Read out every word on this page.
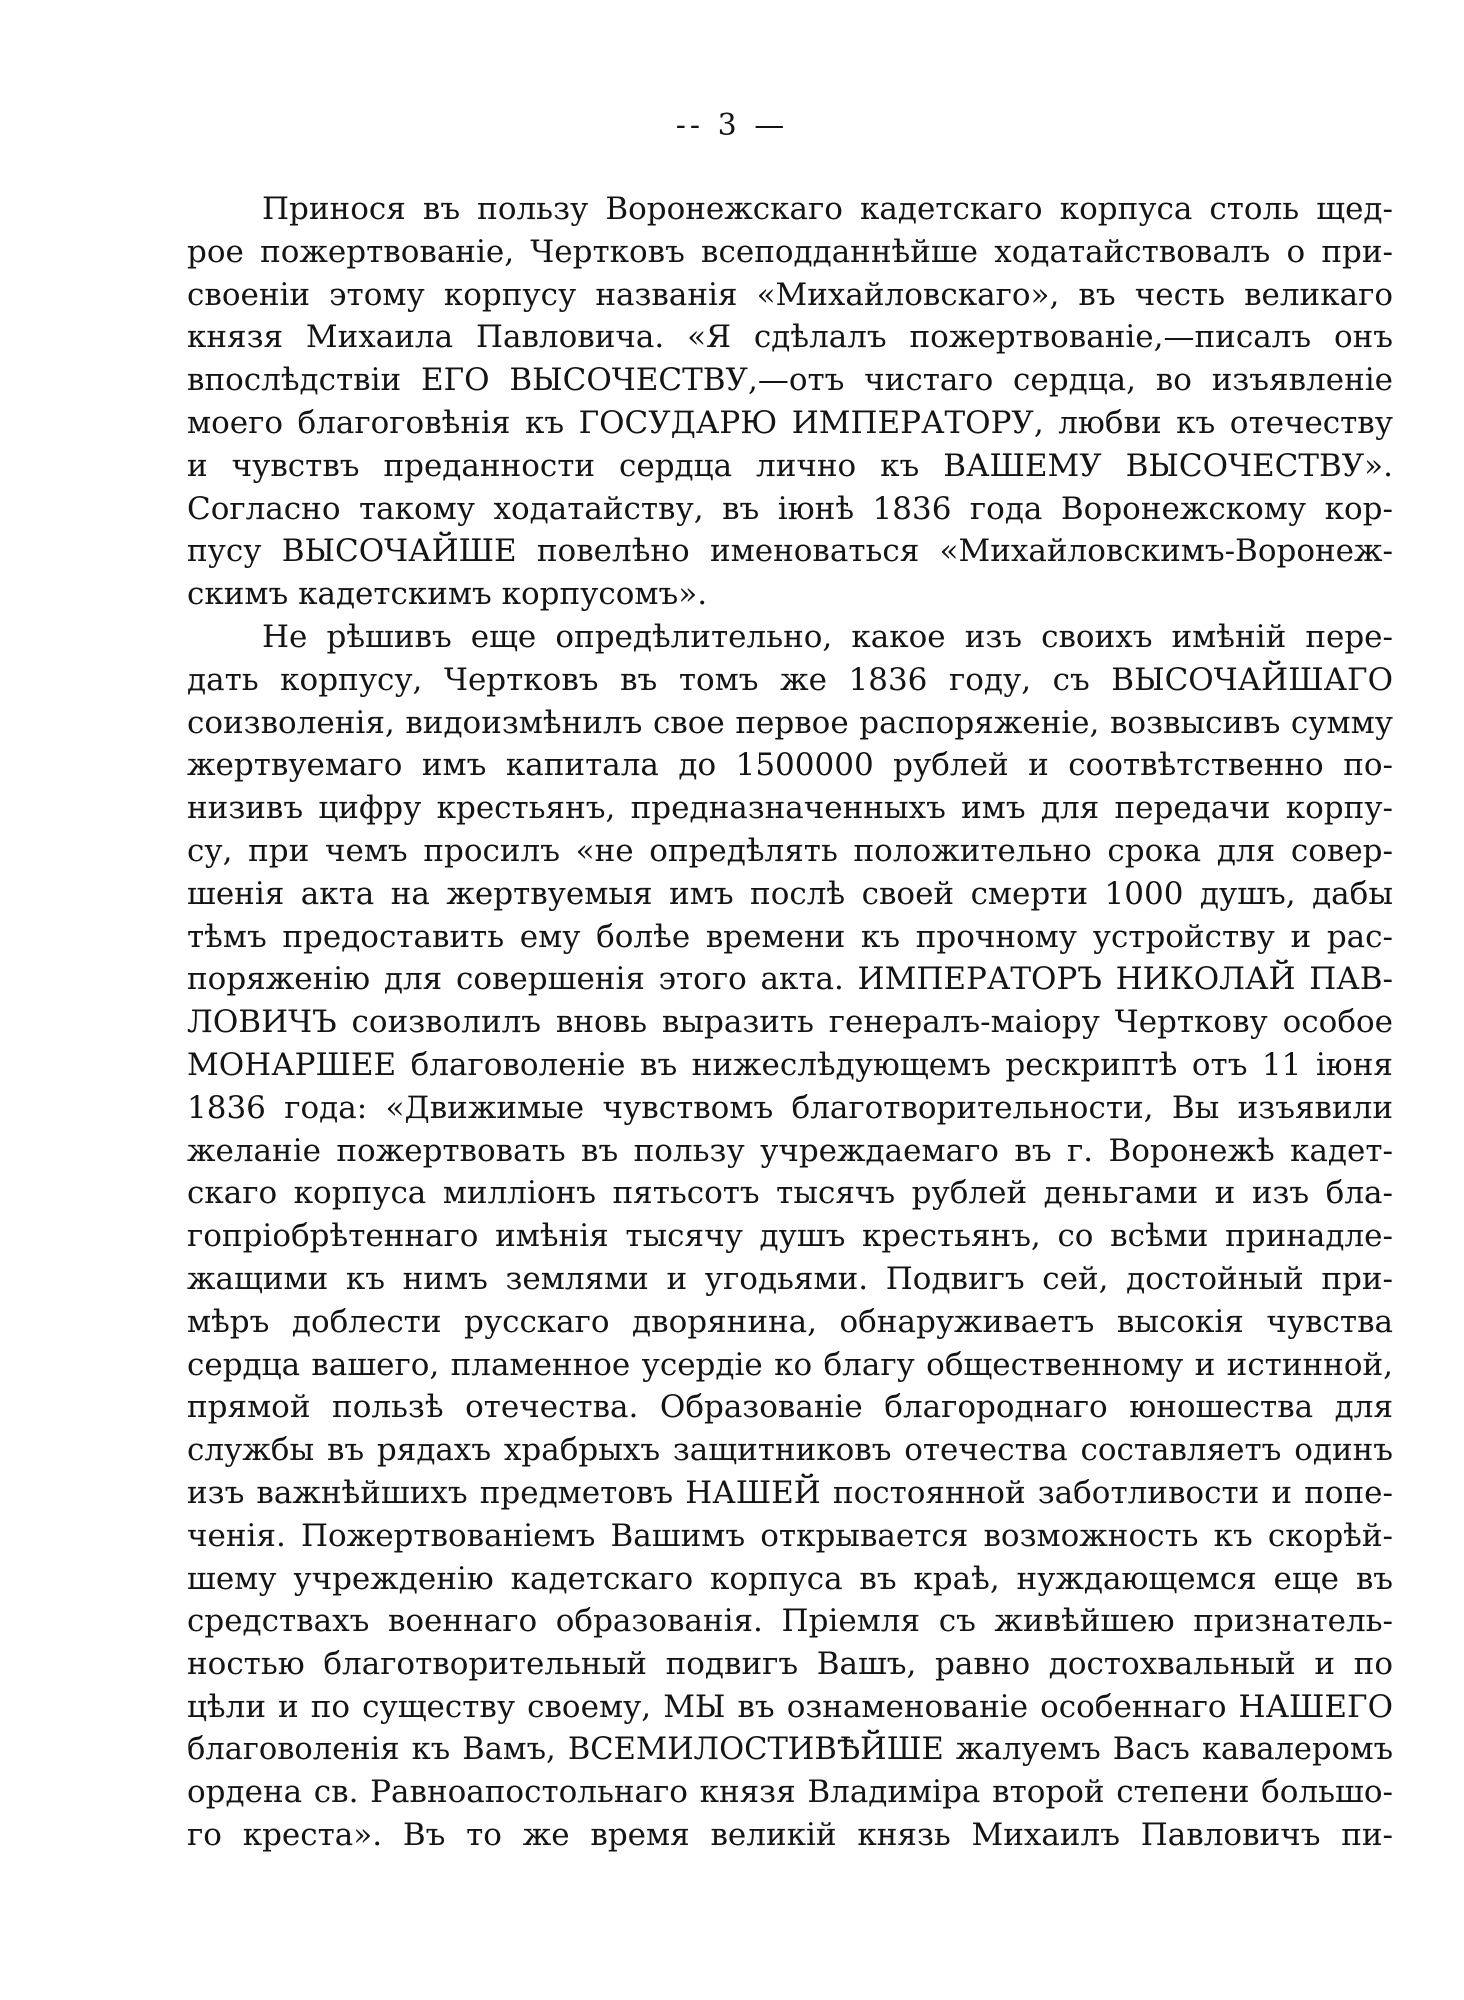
-- 3 —
Принося въ пользу Воронежскаго кадетскаго корпуса столь щед-
рое пожертвованіе, Чертковъ всеподданнѣйше ходатайствовалъ о при-
своеніи этому корпусу названія «Михайловскаго», въ честь великаго
князя Михаила Павловича. «Я сдѣлалъ пожертвованіе,—писалъ онъ
впослѣдствіи ЕГО ВЫСОЧЕСТВУ,—отъ чистаго сердца, во изъявленіе
моего благоговѣнія къ ГОСУДАРЮ ИМПЕРАТОРУ, любви къ отечеству
и чувствъ преданности сердца лично къ ВАШЕМУ ВЫСОЧЕСТВУ».
Согласно такому ходатайству, въ іюнѣ 1836 года Воронежскому кор-
пусу ВЫСОЧАЙШЕ повелѣно именоваться «Михайловскимъ-Воронеж-
скимъ кадетскимъ корпусомъ».
Не рѣшивъ еще опредѣлительно, какое изъ своихъ имѣній пере-
дать корпусу, Чертковъ въ томъ же 1836 году, съ ВЫСОЧАЙШАГО
соизволенія, видоизмѣнилъ свое первое распоряженіе, возвысивъ сумму
жертвуемаго имъ капитала до 1500000 рублей и соотвѣтственно по-
низивъ цифру крестьянъ, предназначенныхъ имъ для передачи корпу-
су, при чемъ просилъ «не опредѣлять положительно срока для совер-
шенія акта на жертвуемыя имъ послѣ своей смерти 1000 душъ, дабы
тѣмъ предоставить ему болѣе времени къ прочному устройству и рас-
поряженію для совершенія этого акта. ИМПЕРАТОРЪ НИКОЛАЙ ПАВ-
ЛОВИЧЪ соизволилъ вновь выразить генералъ-маіору Черткову особое
МОНАРШЕЕ благоволеніе въ нижеслѣдующемъ рескриптѣ отъ 11 іюня
1836 года: «Движимые чувствомъ благотворительности, Вы изъявили
желаніе пожертвовать въ пользу учреждаемаго въ г. Воронежѣ кадет-
скаго корпуса милліонъ пятьсотъ тысячъ рублей деньгами и изъ бла-
гопріобрѣтеннаго имѣнія тысячу душъ крестьянъ, со всѣми принадле-
жащими къ нимъ землями и угодьями. Подвигъ сей, достойный при-
мѣръ доблести русскаго дворянина, обнаруживаетъ высокія чувства
сердца вашего, пламенное усердіе ко благу общественному и истинной,
прямой пользѣ отечества. Образованіе благороднаго юношества для
службы въ рядахъ храбрыхъ защитниковъ отечества составляетъ одинъ
изъ важнѣйшихъ предметовъ НАШЕЙ постоянной заботливости и попе-
ченія. Пожертвованіемъ Вашимъ открывается возможность къ скорѣй-
шему учрежденію кадетскаго корпуса въ краѣ, нуждающемся еще въ
средствахъ военнаго образованія. Пріемля съ живѣйшею признатель-
ностью благотворительный подвигъ Вашъ, равно достохвальный и по
цѣли и по существу своему, МЫ въ ознаменованіе особеннаго НАШЕГО
благоволенія къ Вамъ, ВСЕМИЛОСТИВѢЙШЕ жалуемъ Васъ кавалеромъ
ордена св. Равноапостольнаго князя Владиміра второй степени большо-
го креста». Въ то же время великій князь Михаилъ Павловичъ пи-
